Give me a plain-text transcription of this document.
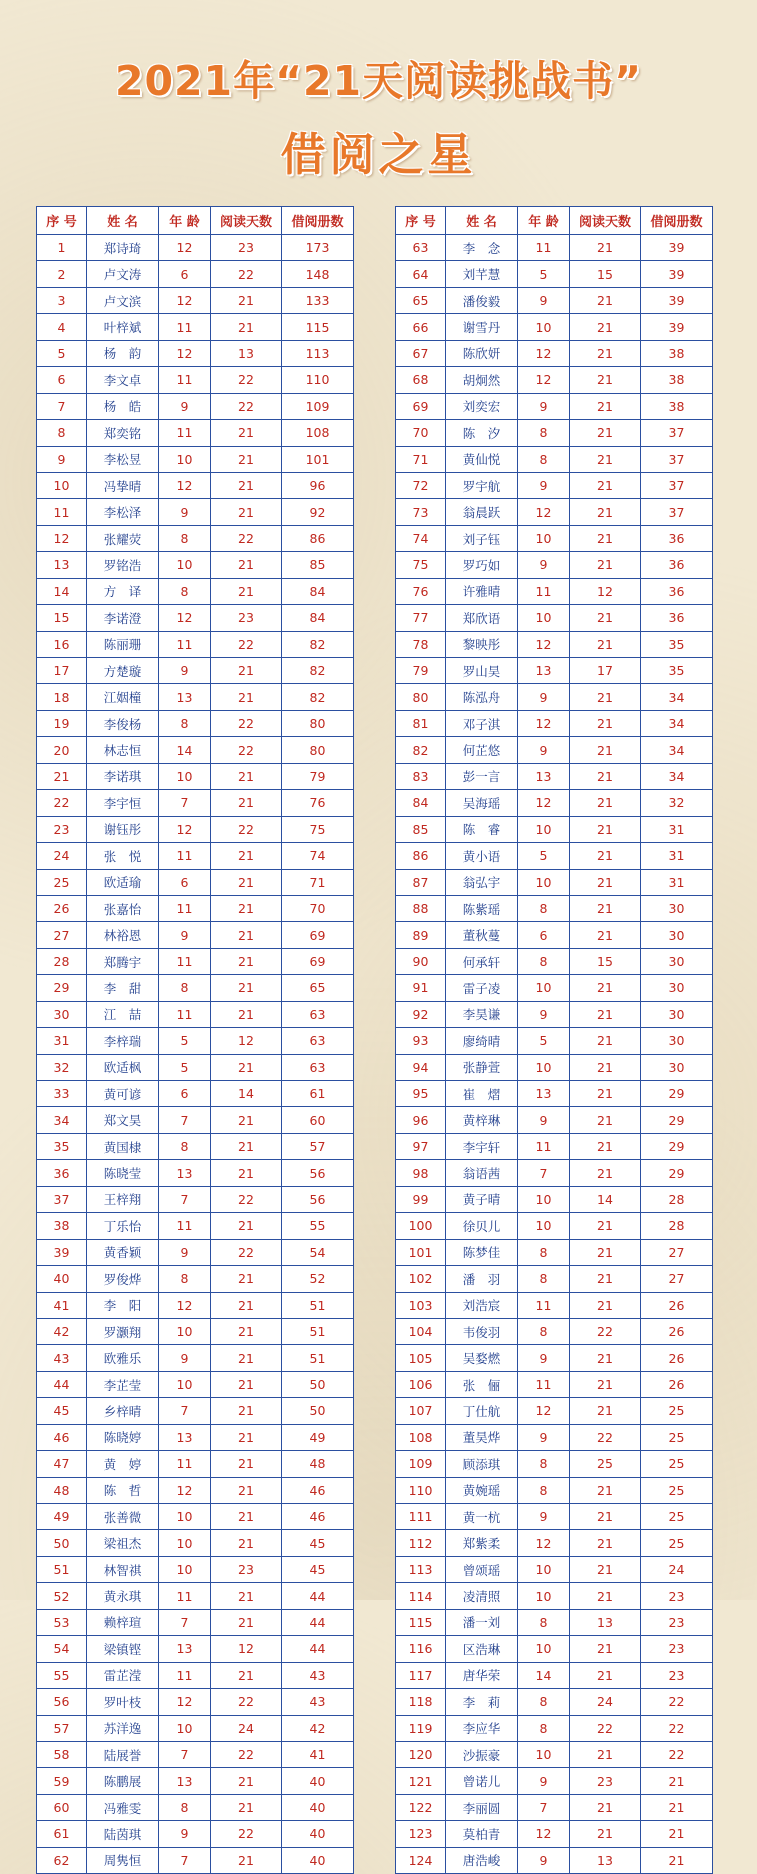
2021年“21天阅读挑战书”
借阅之星
序 号	姓 名	年 龄	阅读天数	借阅册数
1	郑诗琦	12	23	173
2	卢文涛	6	22	148
3	卢文滨	12	21	133
4	叶梓斌	11	21	115
5	杨　韵	12	13	113
6	李文卓	11	22	110
7	杨　皓	9	22	109
8	郑奕铭	11	21	108
9	李松昱	10	21	101
10	冯挚晴	12	21	96
11	李松泽	9	21	92
12	张耀荧	8	22	86
13	罗铭浩	10	21	85
14	方　译	8	21	84
15	李诺澄	12	23	84
16	陈丽珊	11	22	82
17	方楚璇	9	21	82
18	江姻橦	13	21	82
19	李俊杨	8	22	80
20	林志恒	14	22	80
21	李诺琪	10	21	79
22	李宇恒	7	21	76
23	谢钰彤	12	22	75
24	张　悦	11	21	74
25	欧适瑜	6	21	71
26	张嘉怡	11	21	70
27	林裕恩	9	21	69
28	郑腾宇	11	21	69
29	李　甜	8	21	65
30	江　喆	11	21	63
31	李梓瑞	5	12	63
32	欧适枫	5	21	63
33	黄可谚	6	14	61
34	郑文昊	7	21	60
35	黄国棣	8	21	57
36	陈晓莹	13	21	56
37	王梓翔	7	22	56
38	丁乐怡	11	21	55
39	黄香颖	9	22	54
40	罗俊烨	8	21	52
41	李　阳	12	21	51
42	罗灏翔	10	21	51
43	欧雅乐	9	21	51
44	李芷莹	10	21	50
45	乡梓晴	7	21	50
46	陈晓婷	13	21	49
47	黄　婷	11	21	48
48	陈　哲	12	21	46
49	张善微	10	21	46
50	梁祖杰	10	21	45
51	林智祺	10	23	45
52	黄永琪	11	21	44
53	赖梓瑄	7	21	44
54	梁镇铿	13	12	44
55	雷芷滢	11	21	43
56	罗叶枝	12	22	43
57	苏洋逸	10	24	42
58	陆展誉	7	22	41
59	陈鹏展	13	21	40
60	冯雅雯	8	21	40
61	陆茵琪	9	22	40
62	周隽恒	7	21	40
序 号	姓 名	年 龄	阅读天数	借阅册数
63	李　念	11	21	39
64	刘芊慧	5	15	39
65	潘俊毅	9	21	39
66	谢雪丹	10	21	39
67	陈欣妍	12	21	38
68	胡炯然	12	21	38
69	刘奕宏	9	21	38
70	陈　汐	8	21	37
71	黄仙悦	8	21	37
72	罗宇航	9	21	37
73	翁晨跃	12	21	37
74	刘子钰	10	21	36
75	罗巧如	9	21	36
76	许雅晴	11	12	36
77	郑欣语	10	21	36
78	黎映彤	12	21	35
79	罗山昊	13	17	35
80	陈泓舟	9	21	34
81	邓子淇	12	21	34
82	何芷悠	9	21	34
83	彭一言	13	21	34
84	吴海瑶	12	21	32
85	陈　睿	10	21	31
86	黄小语	5	21	31
87	翁弘宇	10	21	31
88	陈紫瑶	8	21	30
89	董秋蔓	6	21	30
90	何承轩	8	15	30
91	雷子凌	10	21	30
92	李昊谦	9	21	30
93	廖绮晴	5	21	30
94	张静萱	10	21	30
95	崔　熠	13	21	29
96	黄梓琳	9	21	29
97	李宇轩	11	21	29
98	翁语茜	7	21	29
99	黄子晴	10	14	28
100	徐贝儿	10	21	28
101	陈梦佳	8	21	27
102	潘　羽	8	21	27
103	刘浩宸	11	21	26
104	韦俊羽	8	22	26
105	吴婺燃	9	21	26
106	张　俪	11	21	26
107	丁仕航	12	21	25
108	董昊烨	9	22	25
109	顾添琪	8	25	25
110	黄婉瑶	8	21	25
111	黄一杭	9	21	25
112	郑紫柔	12	21	25
113	曾颂瑶	10	21	24
114	凌清照	10	21	23
115	潘一刘	8	13	23
116	区浩琳	10	21	23
117	唐华荣	14	21	23
118	李　莉	8	24	22
119	李应华	8	22	22
120	沙振豪	10	21	22
121	曾诺儿	9	23	21
122	李丽圆	7	21	21
123	莫柏青	12	21	21
124	唐浩峻	9	13	21
